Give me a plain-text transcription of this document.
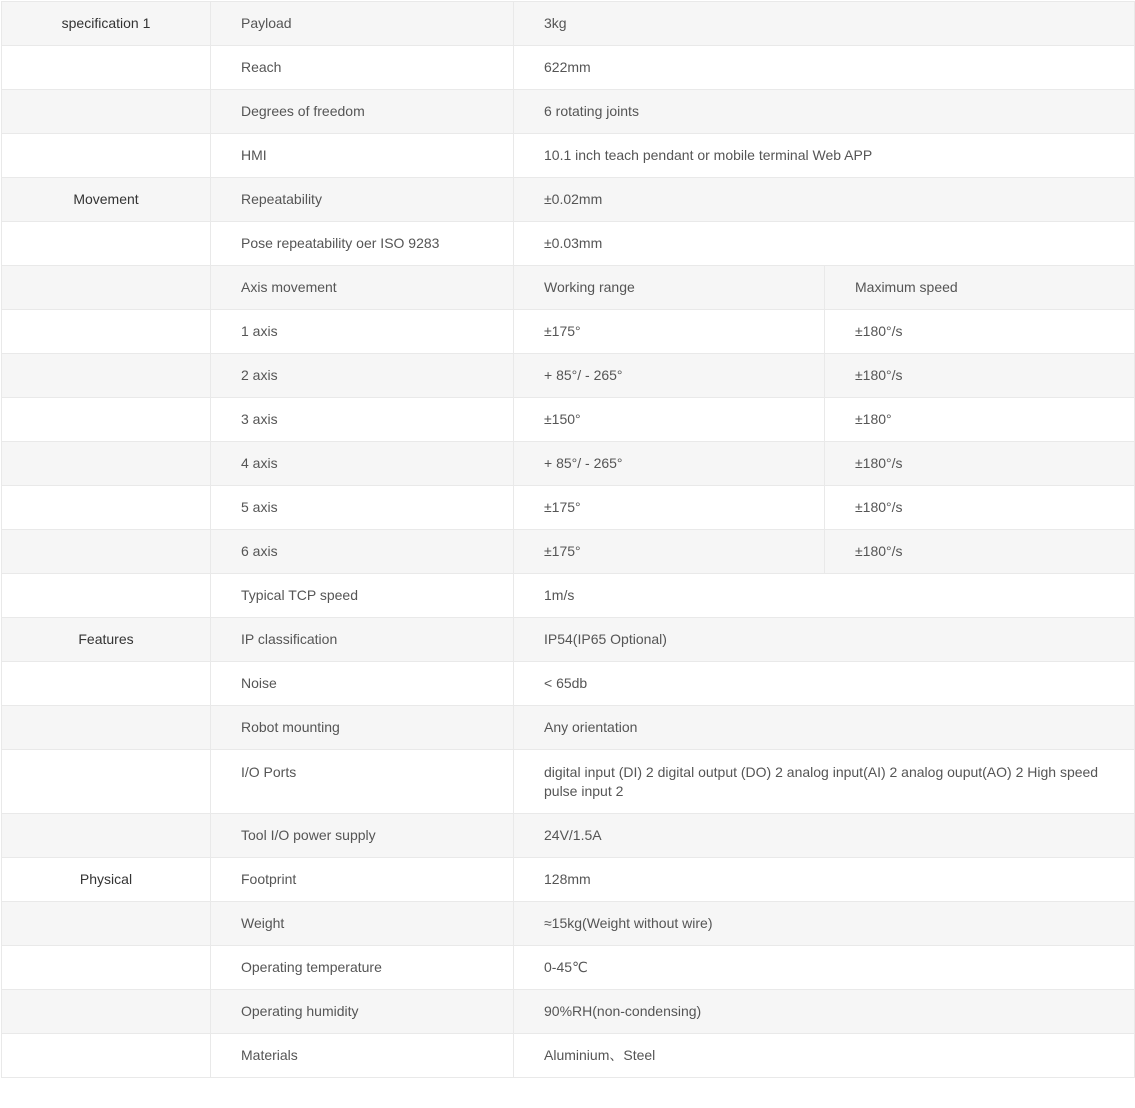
specification 1	Payload	3kg	
	Reach	622mm	
	Degrees of freedom	6 rotating joints	
	HMI	10.1 inch teach pendant or mobile terminal Web APP	
Movement	Repeatability	±0.02mm	
	Pose repeatability oer ISO 9283	±0.03mm	
	Axis movement	Working range	Maximum speed
	1 axis	±175°	±180°/s
	2 axis	+ 85°/ - 265°	±180°/s
	3 axis	±150°	±180°
	4 axis	+ 85°/ - 265°	±180°/s
	5 axis	±175°	±180°/s
	6 axis	±175°	±180°/s
	Typical TCP speed	1m/s	
Features	IP classification	IP54(IP65 Optional)	
	Noise	< 65db	
	Robot mounting	Any orientation	
	I/O Ports	digital input (DI) 2 digital output (DO) 2 analog input(AI) 2 analog ouput(AO) 2 High speed pulse input 2	
	Tool I/O power supply	24V/1.5A	
Physical	Footprint	128mm	
	Weight	≈15kg(Weight without wire)	
	Operating temperature	0-45℃	
	Operating humidity	90%RH(non-condensing)	
	Materials	Aluminium、Steel	
